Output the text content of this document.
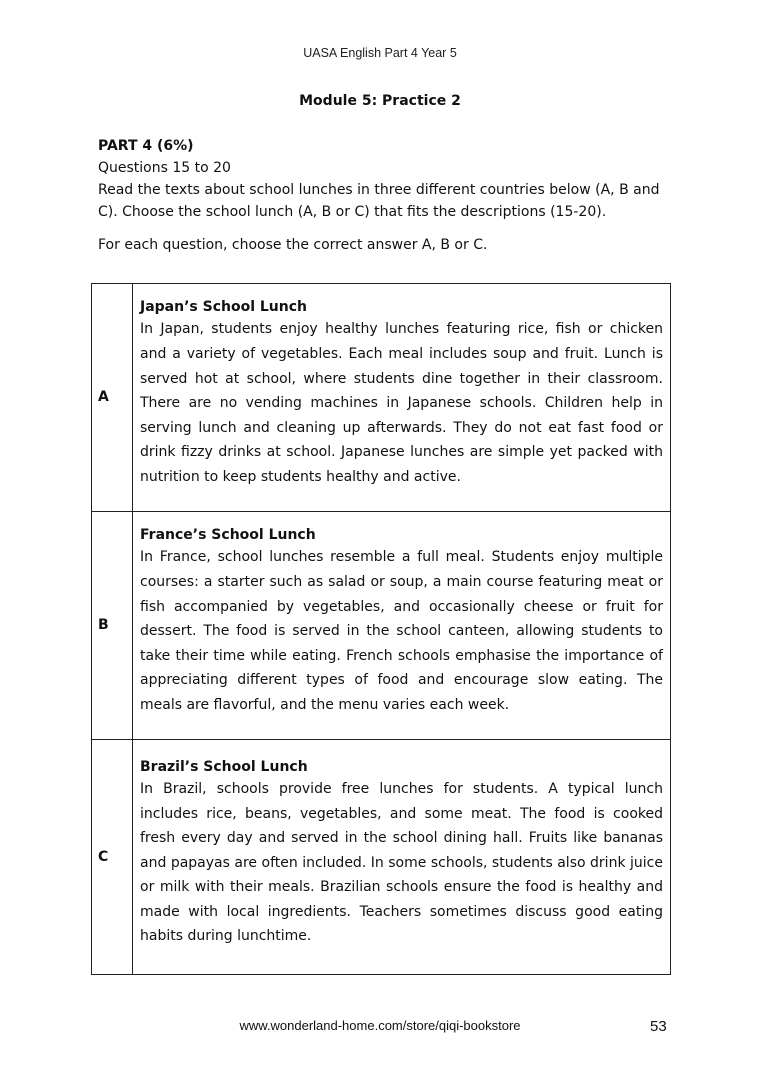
UASA English Part 4 Year 5
Module 5: Practice 2
PART 4 (6%)
Questions 15 to 20
Read the texts about school lunches in three different countries below (A, B and C). Choose the school lunch (A, B or C) that fits the descriptions (15-20).
For each question, choose the correct answer A, B or C.
A	Japan’s School Lunch

In Japan, students enjoy healthy lunches featuring rice, fish or chicken and a variety of vegetables. Each meal includes soup and fruit. Lunch is served hot at school, where students dine together in their classroom. There are no vending machines in Japanese schools. Children help in serving lunch and cleaning up afterwards. They do not eat fast food or drink fizzy drinks at school. Japanese lunches are simple yet packed with nutrition to keep students healthy and active.

B	France’s School Lunch

In France, school lunches resemble a full meal. Students enjoy multiple courses: a starter such as salad or soup, a main course featuring meat or fish accompanied by vegetables, and occasionally cheese or fruit for dessert. The food is served in the school canteen, allowing students to take their time while eating. French schools emphasise the importance of appreciating different types of food and encourage slow eating. The meals are flavorful, and the menu varies each week.

C	Brazil’s School Lunch

In Brazil, schools provide free lunches for students. A typical lunch includes rice, beans, vegetables, and some meat. The food is cooked fresh every day and served in the school dining hall. Fruits like bananas and papayas are often included. In some schools, students also drink juice or milk with their meals. Brazilian schools ensure the food is healthy and made with local ingredients. Teachers sometimes discuss good eating habits during lunchtime.

www.wonderland-home.com/store/qiqi-bookstore	53
